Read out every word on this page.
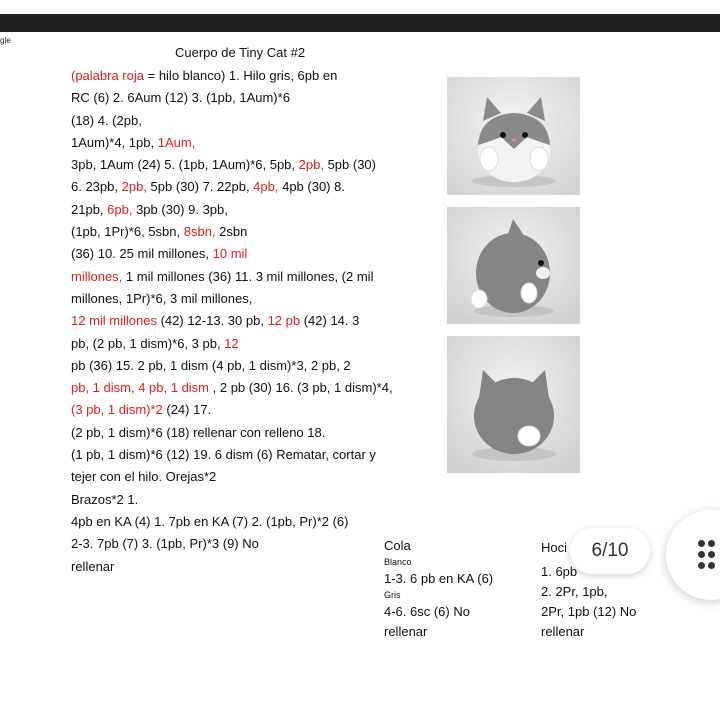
gle
Cuerpo de Tiny Cat #2
(palabra roja = hilo blanco) 1. Hilo gris, 6pb en
RC (6) 2. 6Aum (12) 3. (1pb, 1Aum)*6
(18) 4. (2pb,
1Aum)*4, 1pb, 1Aum,
3pb, 1Aum (24) 5. (1pb, 1Aum)*6, 5pb, 2pb, 5pb (30)
6. 23pb, 2pb, 5pb (30) 7. 22pb, 4pb, 4pb (30) 8.
21pb, 6pb, 3pb (30) 9. 3pb,
(1pb, 1Pr)*6, 5sbn, 8sbn, 2sbn
(36) 10. 25 mil millones, 10 mil
millones, 1 mil millones (36) 11. 3 mil millones, (2 mil
millones, 1Pr)*6, 3 mil millones,
12 mil millones (42) 12-13. 30 pb, 12 pb (42) 14. 3
pb, (2 pb, 1 dism)*6, 3 pb, 12
pb (36) 15. 2 pb, 1 dism (4 pb, 1 dism)*3, 2 pb, 2
pb, 1 dism, 4 pb, 1 dism , 2 pb (30) 16. (3 pb, 1 dism)*4,
(3 pb, 1 dism)*2 (24) 17.
(2 pb, 1 dism)*6 (18) rellenar con relleno 18.
(1 pb, 1 dism)*6 (12) 19. 6 dism (6) Rematar, cortar y
tejer con el hilo. Orejas*2
Brazos*2 1.
4pb en KA (4) 1. 7pb en KA (7) 2. (1pb, Pr)*2 (6)
2-3. 7pb (7) 3. (1pb, Pr)*3 (9) No
rellenar
Cola
Blanco
1-3. 6 pb en KA (6)
Gris
4-6. 6sc (6) No
rellenar
Hoci
1. 6pb
2. 2Pr, 1pb,
2Pr, 1pb (12) No
rellenar
6/10
